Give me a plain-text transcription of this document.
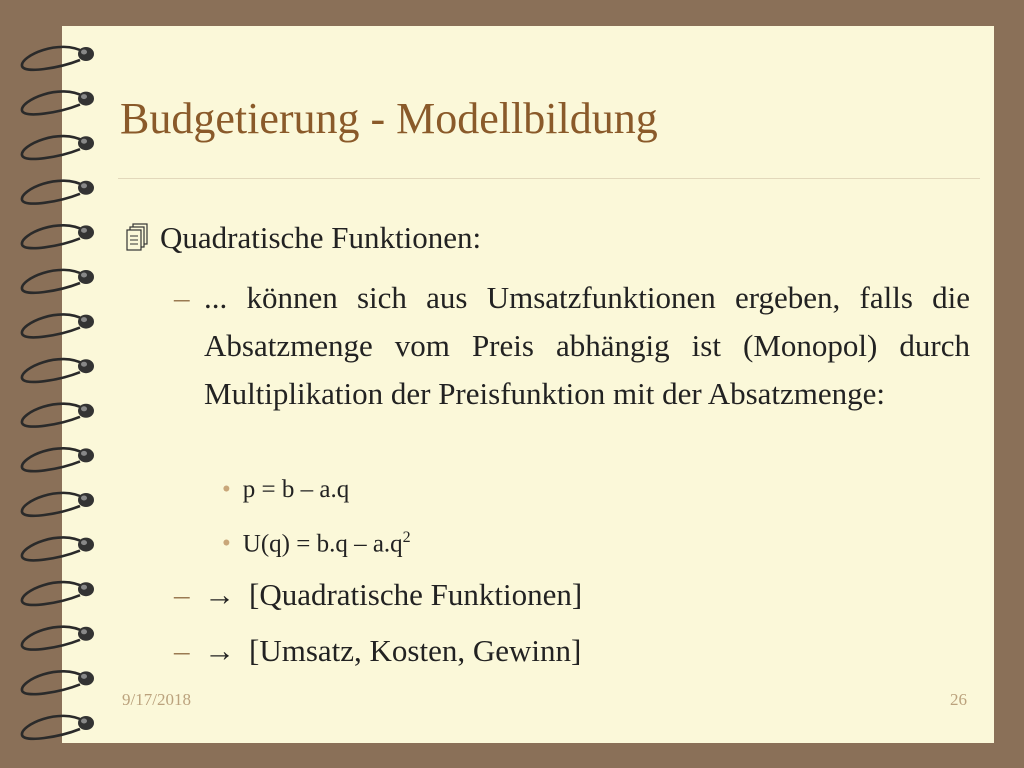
Budgetierung - Modellbildung
Quadratische Funktionen:
– ... können sich aus Umsatzfunktionen ergeben, falls die Absatzmenge vom Preis abhängig ist (Monopol) durch Multiplikation der Preisfunktion mit der Absatzmenge:
• p = b – a.q
• $U(q) = b.q - a.q^2$
– → [Quadratische Funktionen]
– → [Umsatz, Kosten, Gewinn]
9/17/2018	26
